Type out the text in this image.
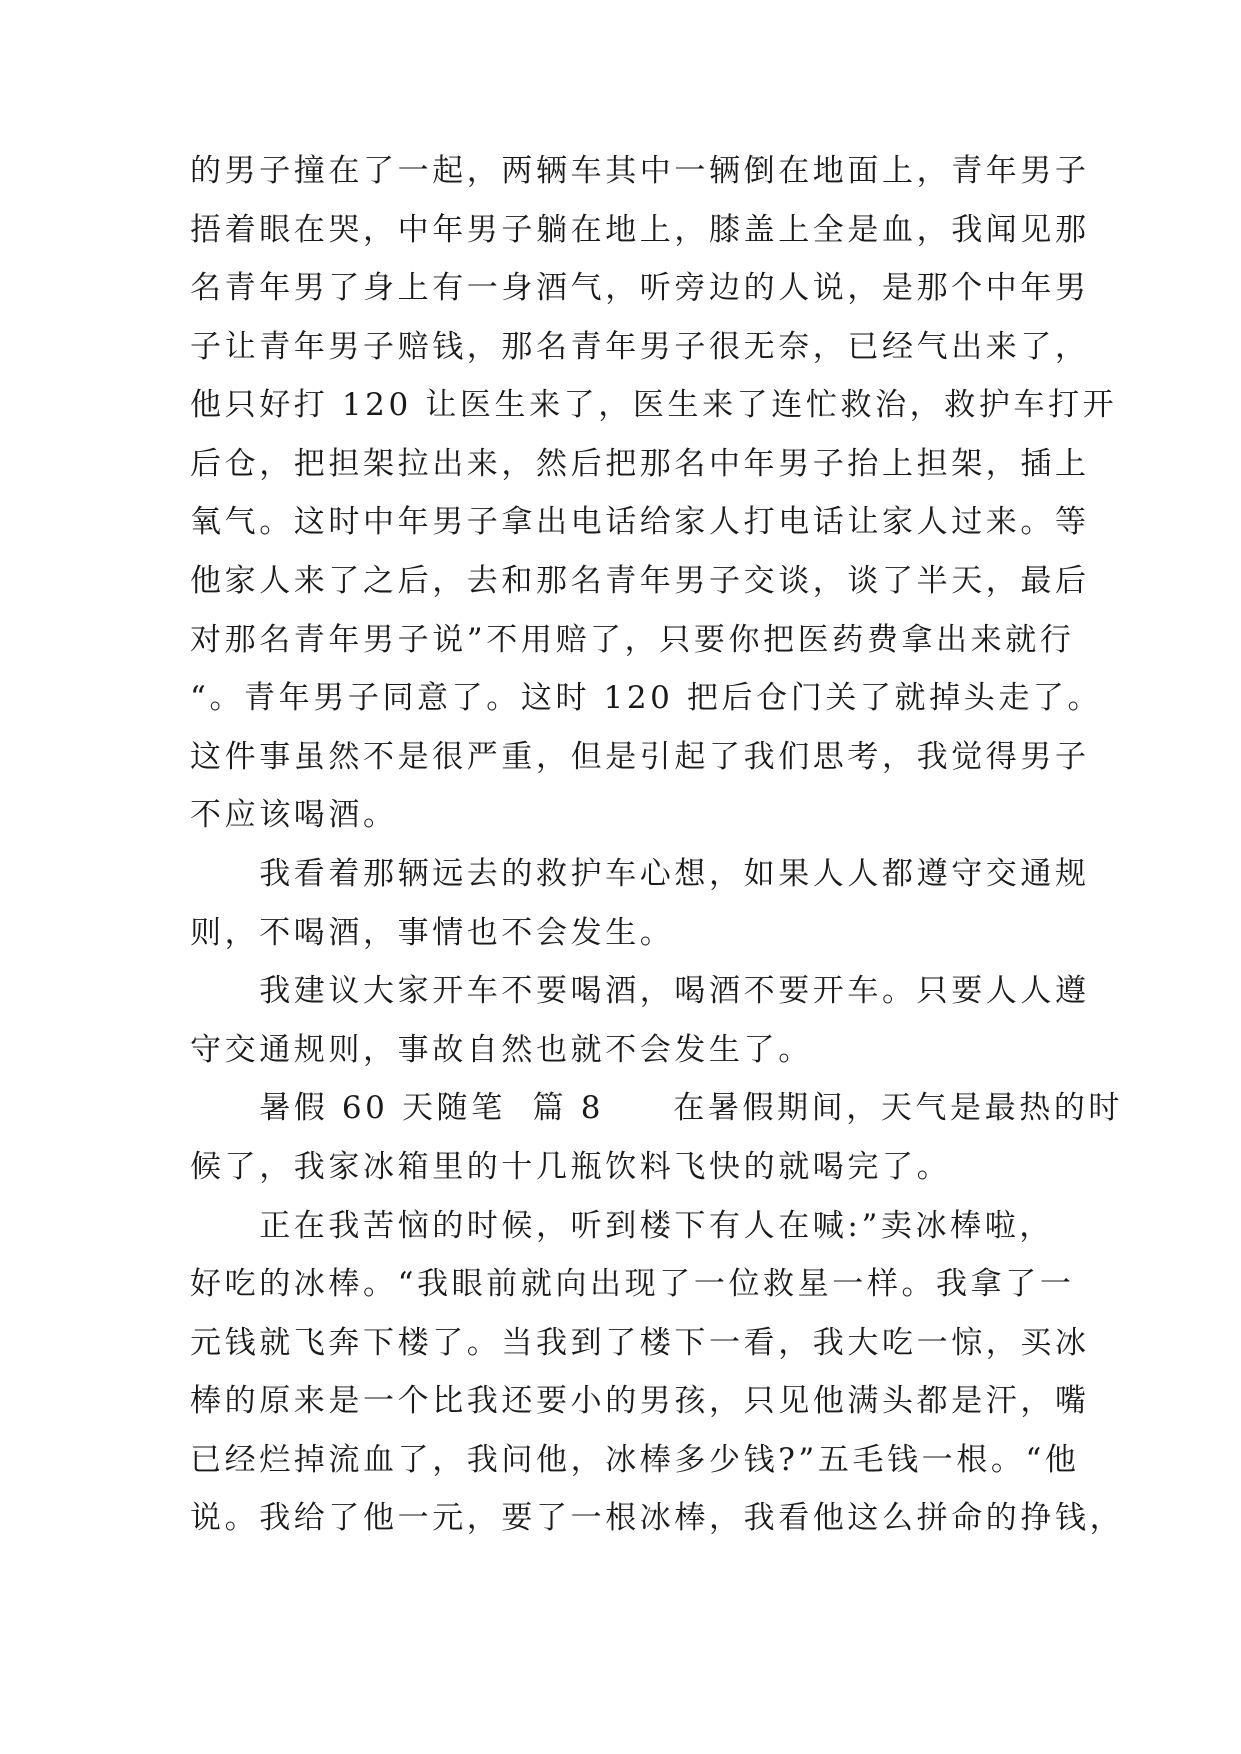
的男子撞在了一起，两辆车其中一辆倒在地面上，青年男子
捂着眼在哭，中年男子躺在地上，膝盖上全是血，我闻见那
名青年男了身上有一身酒气，听旁边的人说，是那个中年男
子让青年男子赔钱，那名青年男子很无奈，已经气出来了，
他只好打 120 让医生来了，医生来了连忙救治，救护车打开
后仓，把担架拉出来，然后把那名中年男子抬上担架，插上
氧气。这时中年男子拿出电话给家人打电话让家人过来。等
他家人来了之后，去和那名青年男子交谈，谈了半天，最后
对那名青年男子说”不用赔了，只要你把医药费拿出来就行
“。青年男子同意了。这时 120 把后仓门关了就掉头走了。
这件事虽然不是很严重，但是引起了我们思考，我觉得男子
不应该喝酒。
　　我看着那辆远去的救护车心想，如果人人都遵守交通规
则，不喝酒，事情也不会发生。
　　我建议大家开车不要喝酒，喝酒不要开车。只要人人遵
守交通规则，事故自然也就不会发生了。
　　暑假 60 天随笔  篇 8　　在暑假期间，天气是最热的时
候了，我家冰箱里的十几瓶饮料飞快的就喝完了。
　　正在我苦恼的时候，听到楼下有人在喊:”卖冰棒啦，
好吃的冰棒。“我眼前就向出现了一位救星一样。我拿了一
元钱就飞奔下楼了。当我到了楼下一看，我大吃一惊，买冰
棒的原来是一个比我还要小的男孩，只见他满头都是汗，嘴
已经烂掉流血了，我问他，冰棒多少钱?”五毛钱一根。“他
说。我给了他一元，要了一根冰棒，我看他这么拼命的挣钱，
